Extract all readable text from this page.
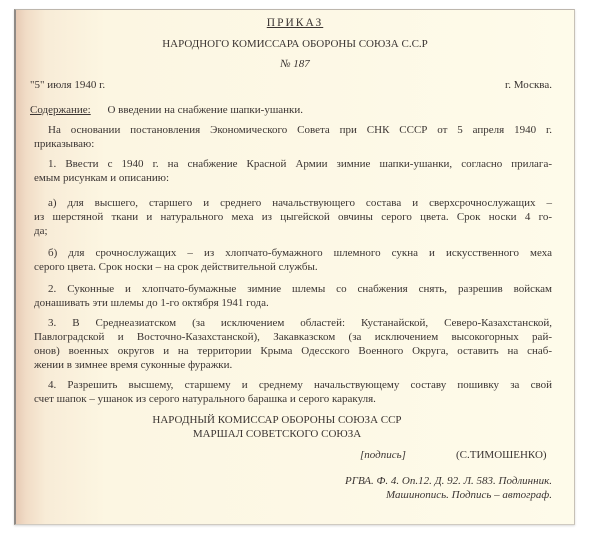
ПРИКАЗ
НАРОДНОГО КОМИССАРА ОБОРОНЫ СОЮЗА С.С.Р
№ 187
"5" июля 1940 г.	г. Москва.
Содержание: О введении на снабжение шапки-ушанки.
На основании постановления Экономического Совета при СНК СССР от 5 апреля 1940 г.
приказываю:
1. Ввести с 1940 г. на снабжение Красной Армии зимние шапки-ушанки, согласно прилага-
емым рисункам и описанию:
а) для высшего, старшего и среднего начальствующего состава и сверхсрочнослужащих –
из шерстяной ткани и натурального меха из цыгейской овчины серого цвета. Срок носки 4 го-
да;
б) для срочнослужащих – из хлопчато-бумажного шлемного сукна и искусственного меха
серого цвета. Срок носки – на срок действительной службы.
2. Суконные и хлопчато-бумажные зимние шлемы со снабжения снять, разрешив войскам
донашивать эти шлемы до 1-го октября 1941 года.
3. В Среднеазиатском (за исключением областей: Кустанайской, Северо-Казахстанской,
Павлоградской и Восточно-Казахстанской), Закавказском (за исключением высокогорных рай-
онов) военных округов и на территории Крыма Одесского Военного Округа, оставить на снаб-
жении в зимнее время суконные фуражки.
4. Разрешить высшему, старшему и среднему начальствующему составу пошивку за свой
счет шапок – ушанок из серого натурального барашка и серого каракуля.
НАРОДНЫЙ КОМИССАР ОБОРОНЫ СОЮЗА ССР
МАРШАЛ СОВЕТСКОГО СОЮЗА
[подпись]	(С.ТИМОШЕНКО)
РГВА. Ф. 4. Оп.12. Д. 92. Л. 583. Подлинник.
Машинопись. Подпись – автограф.
